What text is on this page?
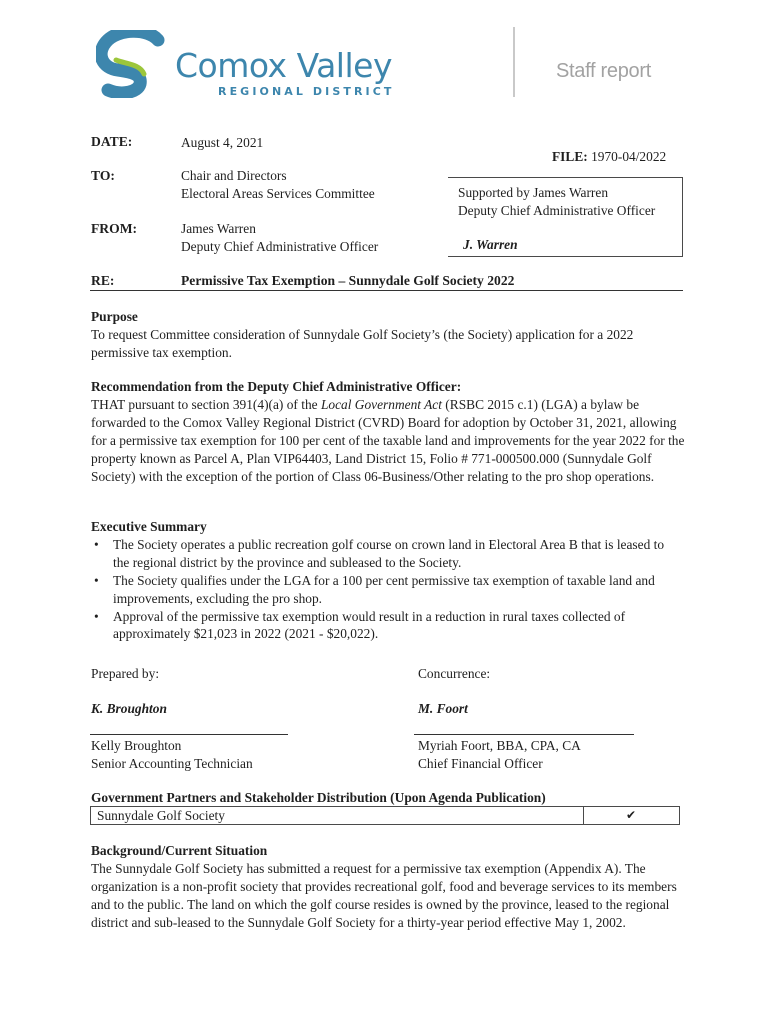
Comox Valley
REGIONAL DISTRICT
Staff report
DATE:	August 4, 2021
FILE: 1970-04/2022
TO:	Chair and Directors
Electoral Areas Services Committee
FROM:	James Warren
Deputy Chief Administrative Officer
Supported by James Warren
Deputy Chief Administrative Officer
J. Warren
RE:	Permissive Tax Exemption – Sunnydale Golf Society 2022
Purpose
To request Committee consideration of Sunnydale Golf Society’s (the Society) application for a 2022 permissive tax exemption.
Recommendation from the Deputy Chief Administrative Officer:
THAT pursuant to section 391(4)(a) of the Local Government Act (RSBC 2015 c.1) (LGA) a bylaw be forwarded to the Comox Valley Regional District (CVRD) Board for adoption by October 31, 2021, allowing for a permissive tax exemption for 100 per cent of the taxable land and improvements for the year 2022 for the property known as Parcel A, Plan VIP64403, Land District 15, Folio # 771-000500.000 (Sunnydale Golf Society) with the exception of the portion of Class 06-Business/Other relating to the pro shop operations.
Executive Summary
• The Society operates a public recreation golf course on crown land in Electoral Area B that is leased to the regional district by the province and subleased to the Society.
• The Society qualifies under the LGA for a 100 per cent permissive tax exemption of taxable land and improvements, excluding the pro shop.
• Approval of the permissive tax exemption would result in a reduction in rural taxes collected of approximately $21,023 in 2022 (2021 - $20,022).
Prepared by:
K. Broughton
Kelly Broughton
Senior Accounting Technician
Concurrence:
M. Foort
Myriah Foort, BBA, CPA, CA
Chief Financial Officer
Government Partners and Stakeholder Distribution (Upon Agenda Publication)
Sunnydale Golf Society	✔
Background/Current Situation
The Sunnydale Golf Society has submitted a request for a permissive tax exemption (Appendix A). The organization is a non-profit society that provides recreational golf, food and beverage services to its members and to the public. The land on which the golf course resides is owned by the province, leased to the regional district and sub-leased to the Sunnydale Golf Society for a thirty-year period effective May 1, 2002.
